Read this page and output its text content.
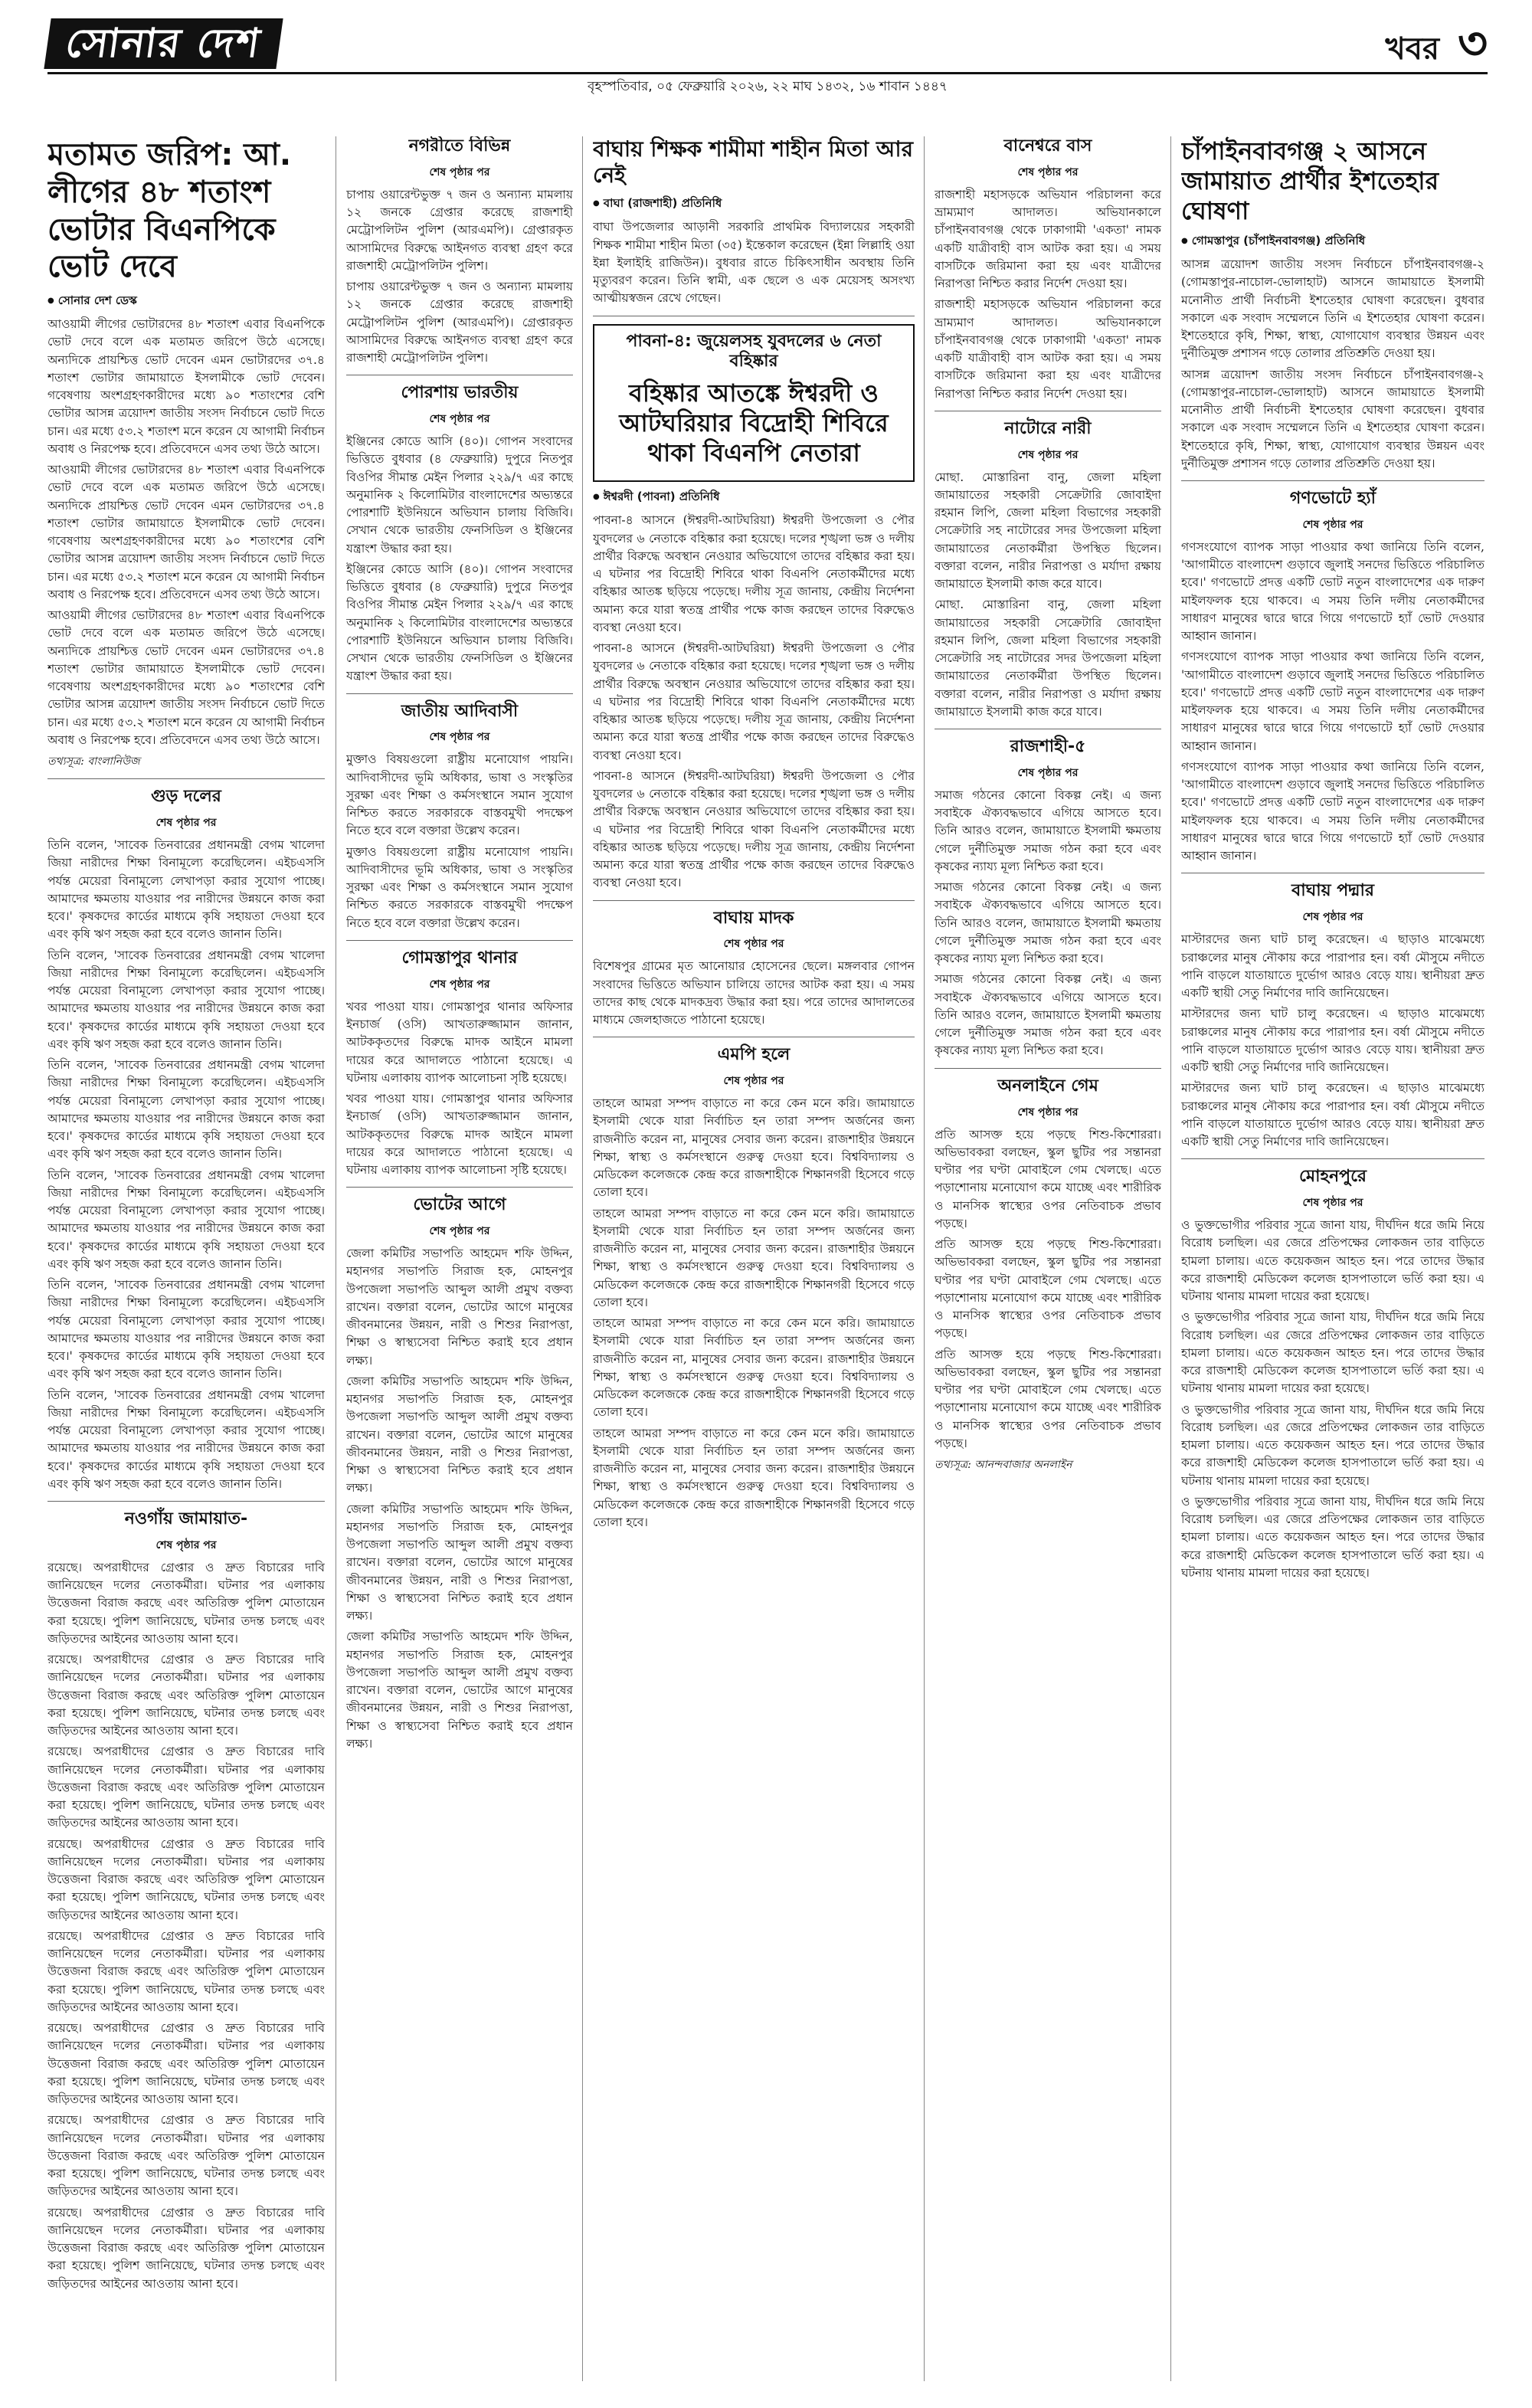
সোনার দেশ	খবর ৩
বৃহস্পতিবার, ০৫ ফেব্রুয়ারি ২০২৬, ২২ মাঘ ১৪৩২, ১৬ শাবান ১৪৪৭
মতামত জরিপ: আ. লীগের ৪৮ শতাংশ ভোটার বিএনপিকে ভোট দেবে
● সোনার দেশ ডেস্ক

আওয়ামী লীগের ভোটারদের ৪৮ শতাংশ এবার বিএনপিকে ভোট দেবে বলে এক মতামত জরিপে উঠে এসেছে। অন্যদিকে প্রায়শ্চিত্ত ভোট দেবেন এমন ভোটারদের ৩৭.৪ শতাংশ ভোটার জামায়াতে ইসলামীকে ভোট দেবেন। গবেষণায় অংশগ্রহণকারীদের মধ্যে ৯০ শতাংশের বেশি ভোটার আসন্ন ত্রয়োদশ জাতীয় সংসদ নির্বাচনে ভোট দিতে চান। এর মধ্যে ৫৩.২ শতাংশ মনে করেন যে আগামী নির্বাচন অবাধ ও নিরপেক্ষ হবে। প্রতিবেদনে এসব তথ্য উঠে আসে।

আওয়ামী লীগের ভোটারদের ৪৮ শতাংশ এবার বিএনপিকে ভোট দেবে বলে এক মতামত জরিপে উঠে এসেছে। অন্যদিকে প্রায়শ্চিত্ত ভোট দেবেন এমন ভোটারদের ৩৭.৪ শতাংশ ভোটার জামায়াতে ইসলামীকে ভোট দেবেন। গবেষণায় অংশগ্রহণকারীদের মধ্যে ৯০ শতাংশের বেশি ভোটার আসন্ন ত্রয়োদশ জাতীয় সংসদ নির্বাচনে ভোট দিতে চান। এর মধ্যে ৫৩.২ শতাংশ মনে করেন যে আগামী নির্বাচন অবাধ ও নিরপেক্ষ হবে। প্রতিবেদনে এসব তথ্য উঠে আসে।

আওয়ামী লীগের ভোটারদের ৪৮ শতাংশ এবার বিএনপিকে ভোট দেবে বলে এক মতামত জরিপে উঠে এসেছে। অন্যদিকে প্রায়শ্চিত্ত ভোট দেবেন এমন ভোটারদের ৩৭.৪ শতাংশ ভোটার জামায়াতে ইসলামীকে ভোট দেবেন। গবেষণায় অংশগ্রহণকারীদের মধ্যে ৯০ শতাংশের বেশি ভোটার আসন্ন ত্রয়োদশ জাতীয় সংসদ নির্বাচনে ভোট দিতে চান। এর মধ্যে ৫৩.২ শতাংশ মনে করেন যে আগামী নির্বাচন অবাধ ও নিরপেক্ষ হবে। প্রতিবেদনে এসব তথ্য উঠে আসে।

তথ্যসূত্র: বাংলানিউজ
গুড় দলের
শেষ পৃষ্ঠার পর

তিনি বলেন, 'সাবেক তিনবারের প্রধানমন্ত্রী বেগম খালেদা জিয়া নারীদের শিক্ষা বিনামূল্যে করেছিলেন। এইচএসসি পর্যন্ত মেয়েরা বিনামূল্যে লেখাপড়া করার সুযোগ পাচ্ছে। আমাদের ক্ষমতায় যাওয়ার পর নারীদের উন্নয়নে কাজ করা হবে।' কৃষকদের কার্ডের মাধ্যমে কৃষি সহায়তা দেওয়া হবে এবং কৃষি ঋণ সহজ করা হবে বলেও জানান তিনি।

তিনি বলেন, 'সাবেক তিনবারের প্রধানমন্ত্রী বেগম খালেদা জিয়া নারীদের শিক্ষা বিনামূল্যে করেছিলেন। এইচএসসি পর্যন্ত মেয়েরা বিনামূল্যে লেখাপড়া করার সুযোগ পাচ্ছে। আমাদের ক্ষমতায় যাওয়ার পর নারীদের উন্নয়নে কাজ করা হবে।' কৃষকদের কার্ডের মাধ্যমে কৃষি সহায়তা দেওয়া হবে এবং কৃষি ঋণ সহজ করা হবে বলেও জানান তিনি।

তিনি বলেন, 'সাবেক তিনবারের প্রধানমন্ত্রী বেগম খালেদা জিয়া নারীদের শিক্ষা বিনামূল্যে করেছিলেন। এইচএসসি পর্যন্ত মেয়েরা বিনামূল্যে লেখাপড়া করার সুযোগ পাচ্ছে। আমাদের ক্ষমতায় যাওয়ার পর নারীদের উন্নয়নে কাজ করা হবে।' কৃষকদের কার্ডের মাধ্যমে কৃষি সহায়তা দেওয়া হবে এবং কৃষি ঋণ সহজ করা হবে বলেও জানান তিনি।

তিনি বলেন, 'সাবেক তিনবারের প্রধানমন্ত্রী বেগম খালেদা জিয়া নারীদের শিক্ষা বিনামূল্যে করেছিলেন। এইচএসসি পর্যন্ত মেয়েরা বিনামূল্যে লেখাপড়া করার সুযোগ পাচ্ছে। আমাদের ক্ষমতায় যাওয়ার পর নারীদের উন্নয়নে কাজ করা হবে।' কৃষকদের কার্ডের মাধ্যমে কৃষি সহায়তা দেওয়া হবে এবং কৃষি ঋণ সহজ করা হবে বলেও জানান তিনি।

তিনি বলেন, 'সাবেক তিনবারের প্রধানমন্ত্রী বেগম খালেদা জিয়া নারীদের শিক্ষা বিনামূল্যে করেছিলেন। এইচএসসি পর্যন্ত মেয়েরা বিনামূল্যে লেখাপড়া করার সুযোগ পাচ্ছে। আমাদের ক্ষমতায় যাওয়ার পর নারীদের উন্নয়নে কাজ করা হবে।' কৃষকদের কার্ডের মাধ্যমে কৃষি সহায়তা দেওয়া হবে এবং কৃষি ঋণ সহজ করা হবে বলেও জানান তিনি।

তিনি বলেন, 'সাবেক তিনবারের প্রধানমন্ত্রী বেগম খালেদা জিয়া নারীদের শিক্ষা বিনামূল্যে করেছিলেন। এইচএসসি পর্যন্ত মেয়েরা বিনামূল্যে লেখাপড়া করার সুযোগ পাচ্ছে। আমাদের ক্ষমতায় যাওয়ার পর নারীদের উন্নয়নে কাজ করা হবে।' কৃষকদের কার্ডের মাধ্যমে কৃষি সহায়তা দেওয়া হবে এবং কৃষি ঋণ সহজ করা হবে বলেও জানান তিনি।

নওগাঁয় জামায়াত-
শেষ পৃষ্ঠার পর

রয়েছে। অপরাধীদের গ্রেপ্তার ও দ্রুত বিচারের দাবি জানিয়েছেন দলের নেতাকর্মীরা। ঘটনার পর এলাকায় উত্তেজনা বিরাজ করছে এবং অতিরিক্ত পুলিশ মোতায়েন করা হয়েছে। পুলিশ জানিয়েছে, ঘটনার তদন্ত চলছে এবং জড়িতদের আইনের আওতায় আনা হবে।

রয়েছে। অপরাধীদের গ্রেপ্তার ও দ্রুত বিচারের দাবি জানিয়েছেন দলের নেতাকর্মীরা। ঘটনার পর এলাকায় উত্তেজনা বিরাজ করছে এবং অতিরিক্ত পুলিশ মোতায়েন করা হয়েছে। পুলিশ জানিয়েছে, ঘটনার তদন্ত চলছে এবং জড়িতদের আইনের আওতায় আনা হবে।

রয়েছে। অপরাধীদের গ্রেপ্তার ও দ্রুত বিচারের দাবি জানিয়েছেন দলের নেতাকর্মীরা। ঘটনার পর এলাকায় উত্তেজনা বিরাজ করছে এবং অতিরিক্ত পুলিশ মোতায়েন করা হয়েছে। পুলিশ জানিয়েছে, ঘটনার তদন্ত চলছে এবং জড়িতদের আইনের আওতায় আনা হবে।

রয়েছে। অপরাধীদের গ্রেপ্তার ও দ্রুত বিচারের দাবি জানিয়েছেন দলের নেতাকর্মীরা। ঘটনার পর এলাকায় উত্তেজনা বিরাজ করছে এবং অতিরিক্ত পুলিশ মোতায়েন করা হয়েছে। পুলিশ জানিয়েছে, ঘটনার তদন্ত চলছে এবং জড়িতদের আইনের আওতায় আনা হবে।

রয়েছে। অপরাধীদের গ্রেপ্তার ও দ্রুত বিচারের দাবি জানিয়েছেন দলের নেতাকর্মীরা। ঘটনার পর এলাকায় উত্তেজনা বিরাজ করছে এবং অতিরিক্ত পুলিশ মোতায়েন করা হয়েছে। পুলিশ জানিয়েছে, ঘটনার তদন্ত চলছে এবং জড়িতদের আইনের আওতায় আনা হবে।

রয়েছে। অপরাধীদের গ্রেপ্তার ও দ্রুত বিচারের দাবি জানিয়েছেন দলের নেতাকর্মীরা। ঘটনার পর এলাকায় উত্তেজনা বিরাজ করছে এবং অতিরিক্ত পুলিশ মোতায়েন করা হয়েছে। পুলিশ জানিয়েছে, ঘটনার তদন্ত চলছে এবং জড়িতদের আইনের আওতায় আনা হবে।

রয়েছে। অপরাধীদের গ্রেপ্তার ও দ্রুত বিচারের দাবি জানিয়েছেন দলের নেতাকর্মীরা। ঘটনার পর এলাকায় উত্তেজনা বিরাজ করছে এবং অতিরিক্ত পুলিশ মোতায়েন করা হয়েছে। পুলিশ জানিয়েছে, ঘটনার তদন্ত চলছে এবং জড়িতদের আইনের আওতায় আনা হবে।

রয়েছে। অপরাধীদের গ্রেপ্তার ও দ্রুত বিচারের দাবি জানিয়েছেন দলের নেতাকর্মীরা। ঘটনার পর এলাকায় উত্তেজনা বিরাজ করছে এবং অতিরিক্ত পুলিশ মোতায়েন করা হয়েছে। পুলিশ জানিয়েছে, ঘটনার তদন্ত চলছে এবং জড়িতদের আইনের আওতায় আনা হবে।

নগরীতে বিভিন্ন
শেষ পৃষ্ঠার পর

চাপায় ওয়ারেন্টভুক্ত ৭ জন ও অন্যান্য মামলায় ১২ জনকে গ্রেপ্তার করেছে রাজশাহী মেট্রোপলিটন পুলিশ (আরএমপি)। গ্রেপ্তারকৃত আসামিদের বিরুদ্ধে আইনগত ব্যবস্থা গ্রহণ করে রাজশাহী মেট্রোপলিটন পুলিশ।

চাপায় ওয়ারেন্টভুক্ত ৭ জন ও অন্যান্য মামলায় ১২ জনকে গ্রেপ্তার করেছে রাজশাহী মেট্রোপলিটন পুলিশ (আরএমপি)। গ্রেপ্তারকৃত আসামিদের বিরুদ্ধে আইনগত ব্যবস্থা গ্রহণ করে রাজশাহী মেট্রোপলিটন পুলিশ।

পোরশায় ভারতীয়
শেষ পৃষ্ঠার পর

ইঞ্জিনের কোডে আসি (৪০)। গোপন সংবাদের ভিত্তিতে বুধবার (৪ ফেব্রুয়ারি) দুপুরে নিতপুর বিওপির সীমান্ত মেইন পিলার ২২৯/৭ এর কাছে অনুমানিক ২ কিলোমিটার বাংলাদেশের অভ্যন্তরে পোরশাটি ইউনিয়নে অভিযান চালায় বিজিবি। সেখান থেকে ভারতীয় ফেনসিডিল ও ইঞ্জিনের যন্ত্রাংশ উদ্ধার করা হয়।

ইঞ্জিনের কোডে আসি (৪০)। গোপন সংবাদের ভিত্তিতে বুধবার (৪ ফেব্রুয়ারি) দুপুরে নিতপুর বিওপির সীমান্ত মেইন পিলার ২২৯/৭ এর কাছে অনুমানিক ২ কিলোমিটার বাংলাদেশের অভ্যন্তরে পোরশাটি ইউনিয়নে অভিযান চালায় বিজিবি। সেখান থেকে ভারতীয় ফেনসিডিল ও ইঞ্জিনের যন্ত্রাংশ উদ্ধার করা হয়।

জাতীয় আদিবাসী
শেষ পৃষ্ঠার পর

মুক্তাও বিষয়গুলো রাষ্ট্রীয় মনোযোগ পায়নি। আদিবাসীদের ভূমি অধিকার, ভাষা ও সংস্কৃতির সুরক্ষা এবং শিক্ষা ও কর্মসংস্থানে সমান সুযোগ নিশ্চিত করতে সরকারকে বাস্তবমুখী পদক্ষেপ নিতে হবে বলে বক্তারা উল্লেখ করেন।

মুক্তাও বিষয়গুলো রাষ্ট্রীয় মনোযোগ পায়নি। আদিবাসীদের ভূমি অধিকার, ভাষা ও সংস্কৃতির সুরক্ষা এবং শিক্ষা ও কর্মসংস্থানে সমান সুযোগ নিশ্চিত করতে সরকারকে বাস্তবমুখী পদক্ষেপ নিতে হবে বলে বক্তারা উল্লেখ করেন।

গোমস্তাপুর থানার
শেষ পৃষ্ঠার পর

খবর পাওয়া যায়। গোমস্তাপুর থানার অফিসার ইনচার্জ (ওসি) আখতারুজ্জামান জানান, আটককৃতদের বিরুদ্ধে মাদক আইনে মামলা দায়ের করে আদালতে পাঠানো হয়েছে। এ ঘটনায় এলাকায় ব্যাপক আলোচনা সৃষ্টি হয়েছে।

খবর পাওয়া যায়। গোমস্তাপুর থানার অফিসার ইনচার্জ (ওসি) আখতারুজ্জামান জানান, আটককৃতদের বিরুদ্ধে মাদক আইনে মামলা দায়ের করে আদালতে পাঠানো হয়েছে। এ ঘটনায় এলাকায় ব্যাপক আলোচনা সৃষ্টি হয়েছে।

ভোটের আগে
শেষ পৃষ্ঠার পর

জেলা কমিটির সভাপতি আহমেদ শফি উদ্দিন, মহানগর সভাপতি সিরাজ হক, মোহনপুর উপজেলা সভাপতি আব্দুল আলী প্রমুখ বক্তব্য রাখেন। বক্তারা বলেন, ভোটের আগে মানুষের জীবনমানের উন্নয়ন, নারী ও শিশুর নিরাপত্তা, শিক্ষা ও স্বাস্থ্যসেবা নিশ্চিত করাই হবে প্রধান লক্ষ্য।

জেলা কমিটির সভাপতি আহমেদ শফি উদ্দিন, মহানগর সভাপতি সিরাজ হক, মোহনপুর উপজেলা সভাপতি আব্দুল আলী প্রমুখ বক্তব্য রাখেন। বক্তারা বলেন, ভোটের আগে মানুষের জীবনমানের উন্নয়ন, নারী ও শিশুর নিরাপত্তা, শিক্ষা ও স্বাস্থ্যসেবা নিশ্চিত করাই হবে প্রধান লক্ষ্য।

জেলা কমিটির সভাপতি আহমেদ শফি উদ্দিন, মহানগর সভাপতি সিরাজ হক, মোহনপুর উপজেলা সভাপতি আব্দুল আলী প্রমুখ বক্তব্য রাখেন। বক্তারা বলেন, ভোটের আগে মানুষের জীবনমানের উন্নয়ন, নারী ও শিশুর নিরাপত্তা, শিক্ষা ও স্বাস্থ্যসেবা নিশ্চিত করাই হবে প্রধান লক্ষ্য।

জেলা কমিটির সভাপতি আহমেদ শফি উদ্দিন, মহানগর সভাপতি সিরাজ হক, মোহনপুর উপজেলা সভাপতি আব্দুল আলী প্রমুখ বক্তব্য রাখেন। বক্তারা বলেন, ভোটের আগে মানুষের জীবনমানের উন্নয়ন, নারী ও শিশুর নিরাপত্তা, শিক্ষা ও স্বাস্থ্যসেবা নিশ্চিত করাই হবে প্রধান লক্ষ্য।

বাঘায় শিক্ষক শামীমা শাহীন মিতা আর নেই
● বাঘা (রাজশাহী) প্রতিনিধি

বাঘা উপজেলার আড়ানী সরকারি প্রাথমিক বিদ্যালয়ের সহকারী শিক্ষক শামীমা শাহীন মিতা (৩৫) ইন্তেকাল করেছেন (ইন্না লিল্লাহি ওয়া ইন্না ইলাইহি রাজিউন)। বুধবার রাতে চিকিৎসাধীন অবস্থায় তিনি মৃত্যুবরণ করেন। তিনি স্বামী, এক ছেলে ও এক মেয়েসহ অসংখ্য আত্মীয়স্বজন রেখে গেছেন।

পাবনা-৪: জুয়েলসহ যুবদলের ৬ নেতা বহিষ্কার
বহিষ্কার আতঙ্কে ঈশ্বরদী ও আটঘরিয়ার বিদ্রোহী শিবিরে থাকা বিএনপি নেতারা
● ঈশ্বরদী (পাবনা) প্রতিনিধি

পাবনা-৪ আসনে (ঈশ্বরদী-আটঘরিয়া) ঈশ্বরদী উপজেলা ও পৌর যুবদলের ৬ নেতাকে বহিষ্কার করা হয়েছে। দলের শৃঙ্খলা ভঙ্গ ও দলীয় প্রার্থীর বিরুদ্ধে অবস্থান নেওয়ার অভিযোগে তাদের বহিষ্কার করা হয়। এ ঘটনার পর বিদ্রোহী শিবিরে থাকা বিএনপি নেতাকর্মীদের মধ্যে বহিষ্কার আতঙ্ক ছড়িয়ে পড়েছে। দলীয় সূত্র জানায়, কেন্দ্রীয় নির্দেশনা অমান্য করে যারা স্বতন্ত্র প্রার্থীর পক্ষে কাজ করছেন তাদের বিরুদ্ধেও ব্যবস্থা নেওয়া হবে।

পাবনা-৪ আসনে (ঈশ্বরদী-আটঘরিয়া) ঈশ্বরদী উপজেলা ও পৌর যুবদলের ৬ নেতাকে বহিষ্কার করা হয়েছে। দলের শৃঙ্খলা ভঙ্গ ও দলীয় প্রার্থীর বিরুদ্ধে অবস্থান নেওয়ার অভিযোগে তাদের বহিষ্কার করা হয়। এ ঘটনার পর বিদ্রোহী শিবিরে থাকা বিএনপি নেতাকর্মীদের মধ্যে বহিষ্কার আতঙ্ক ছড়িয়ে পড়েছে। দলীয় সূত্র জানায়, কেন্দ্রীয় নির্দেশনা অমান্য করে যারা স্বতন্ত্র প্রার্থীর পক্ষে কাজ করছেন তাদের বিরুদ্ধেও ব্যবস্থা নেওয়া হবে।

পাবনা-৪ আসনে (ঈশ্বরদী-আটঘরিয়া) ঈশ্বরদী উপজেলা ও পৌর যুবদলের ৬ নেতাকে বহিষ্কার করা হয়েছে। দলের শৃঙ্খলা ভঙ্গ ও দলীয় প্রার্থীর বিরুদ্ধে অবস্থান নেওয়ার অভিযোগে তাদের বহিষ্কার করা হয়। এ ঘটনার পর বিদ্রোহী শিবিরে থাকা বিএনপি নেতাকর্মীদের মধ্যে বহিষ্কার আতঙ্ক ছড়িয়ে পড়েছে। দলীয় সূত্র জানায়, কেন্দ্রীয় নির্দেশনা অমান্য করে যারা স্বতন্ত্র প্রার্থীর পক্ষে কাজ করছেন তাদের বিরুদ্ধেও ব্যবস্থা নেওয়া হবে।

বাঘায় মাদক
শেষ পৃষ্ঠার পর

বিশেষপুর গ্রামের মৃত আনোয়ার হোসেনের ছেলে। মঙ্গলবার গোপন সংবাদের ভিত্তিতে অভিযান চালিয়ে তাদের আটক করা হয়। এ সময় তাদের কাছ থেকে মাদকদ্রব্য উদ্ধার করা হয়। পরে তাদের আদালতের মাধ্যমে জেলহাজতে পাঠানো হয়েছে।

এমপি হলে
শেষ পৃষ্ঠার পর

তাহলে আমরা সম্পদ বাড়াতে না করে কেন মনে করি। জামায়াতে ইসলামী থেকে যারা নির্বাচিত হন তারা সম্পদ অর্জনের জন্য রাজনীতি করেন না, মানুষের সেবার জন্য করেন। রাজশাহীর উন্নয়নে শিক্ষা, স্বাস্থ্য ও কর্মসংস্থানে গুরুত্ব দেওয়া হবে। বিশ্ববিদ্যালয় ও মেডিকেল কলেজকে কেন্দ্র করে রাজশাহীকে শিক্ষানগরী হিসেবে গড়ে তোলা হবে।

তাহলে আমরা সম্পদ বাড়াতে না করে কেন মনে করি। জামায়াতে ইসলামী থেকে যারা নির্বাচিত হন তারা সম্পদ অর্জনের জন্য রাজনীতি করেন না, মানুষের সেবার জন্য করেন। রাজশাহীর উন্নয়নে শিক্ষা, স্বাস্থ্য ও কর্মসংস্থানে গুরুত্ব দেওয়া হবে। বিশ্ববিদ্যালয় ও মেডিকেল কলেজকে কেন্দ্র করে রাজশাহীকে শিক্ষানগরী হিসেবে গড়ে তোলা হবে।

তাহলে আমরা সম্পদ বাড়াতে না করে কেন মনে করি। জামায়াতে ইসলামী থেকে যারা নির্বাচিত হন তারা সম্পদ অর্জনের জন্য রাজনীতি করেন না, মানুষের সেবার জন্য করেন। রাজশাহীর উন্নয়নে শিক্ষা, স্বাস্থ্য ও কর্মসংস্থানে গুরুত্ব দেওয়া হবে। বিশ্ববিদ্যালয় ও মেডিকেল কলেজকে কেন্দ্র করে রাজশাহীকে শিক্ষানগরী হিসেবে গড়ে তোলা হবে।

তাহলে আমরা সম্পদ বাড়াতে না করে কেন মনে করি। জামায়াতে ইসলামী থেকে যারা নির্বাচিত হন তারা সম্পদ অর্জনের জন্য রাজনীতি করেন না, মানুষের সেবার জন্য করেন। রাজশাহীর উন্নয়নে শিক্ষা, স্বাস্থ্য ও কর্মসংস্থানে গুরুত্ব দেওয়া হবে। বিশ্ববিদ্যালয় ও মেডিকেল কলেজকে কেন্দ্র করে রাজশাহীকে শিক্ষানগরী হিসেবে গড়ে তোলা হবে।

বানেশ্বরে বাস
শেষ পৃষ্ঠার পর

রাজশাহী মহাসড়কে অভিযান পরিচালনা করে ভ্রাম্যমাণ আদালত। অভিযানকালে চাঁপাইনবাবগঞ্জ থেকে ঢাকাগামী 'একতা' নামক একটি যাত্রীবাহী বাস আটক করা হয়। এ সময় বাসটিকে জরিমানা করা হয় এবং যাত্রীদের নিরাপত্তা নিশ্চিত করার নির্দেশ দেওয়া হয়।

রাজশাহী মহাসড়কে অভিযান পরিচালনা করে ভ্রাম্যমাণ আদালত। অভিযানকালে চাঁপাইনবাবগঞ্জ থেকে ঢাকাগামী 'একতা' নামক একটি যাত্রীবাহী বাস আটক করা হয়। এ সময় বাসটিকে জরিমানা করা হয় এবং যাত্রীদের নিরাপত্তা নিশ্চিত করার নির্দেশ দেওয়া হয়।

নাটোরে নারী
শেষ পৃষ্ঠার পর

মোছা. মোস্তারিনা বানু, জেলা মহিলা জামায়াতের সহকারী সেক্রেটারি জোবাইদা রহমান লিপি, জেলা মহিলা বিভাগের সহকারী সেক্রেটারি সহ নাটোরের সদর উপজেলা মহিলা জামায়াতের নেতাকর্মীরা উপস্থিত ছিলেন। বক্তারা বলেন, নারীর নিরাপত্তা ও মর্যাদা রক্ষায় জামায়াতে ইসলামী কাজ করে যাবে।

মোছা. মোস্তারিনা বানু, জেলা মহিলা জামায়াতের সহকারী সেক্রেটারি জোবাইদা রহমান লিপি, জেলা মহিলা বিভাগের সহকারী সেক্রেটারি সহ নাটোরের সদর উপজেলা মহিলা জামায়াতের নেতাকর্মীরা উপস্থিত ছিলেন। বক্তারা বলেন, নারীর নিরাপত্তা ও মর্যাদা রক্ষায় জামায়াতে ইসলামী কাজ করে যাবে।

রাজশাহী-৫
শেষ পৃষ্ঠার পর

সমাজ গঠনের কোনো বিকল্প নেই। এ জন্য সবাইকে ঐক্যবদ্ধভাবে এগিয়ে আসতে হবে। তিনি আরও বলেন, জামায়াতে ইসলামী ক্ষমতায় গেলে দুর্নীতিমুক্ত সমাজ গঠন করা হবে এবং কৃষকের ন্যায্য মূল্য নিশ্চিত করা হবে।

সমাজ গঠনের কোনো বিকল্প নেই। এ জন্য সবাইকে ঐক্যবদ্ধভাবে এগিয়ে আসতে হবে। তিনি আরও বলেন, জামায়াতে ইসলামী ক্ষমতায় গেলে দুর্নীতিমুক্ত সমাজ গঠন করা হবে এবং কৃষকের ন্যায্য মূল্য নিশ্চিত করা হবে।

সমাজ গঠনের কোনো বিকল্প নেই। এ জন্য সবাইকে ঐক্যবদ্ধভাবে এগিয়ে আসতে হবে। তিনি আরও বলেন, জামায়াতে ইসলামী ক্ষমতায় গেলে দুর্নীতিমুক্ত সমাজ গঠন করা হবে এবং কৃষকের ন্যায্য মূল্য নিশ্চিত করা হবে।

অনলাইনে গেম
শেষ পৃষ্ঠার পর

প্রতি আসক্ত হয়ে পড়ছে শিশু-কিশোররা। অভিভাবকরা বলছেন, স্কুল ছুটির পর সন্তানরা ঘণ্টার পর ঘণ্টা মোবাইলে গেম খেলছে। এতে পড়াশোনায় মনোযোগ কমে যাচ্ছে এবং শারীরিক ও মানসিক স্বাস্থ্যের ওপর নেতিবাচক প্রভাব পড়ছে।

প্রতি আসক্ত হয়ে পড়ছে শিশু-কিশোররা। অভিভাবকরা বলছেন, স্কুল ছুটির পর সন্তানরা ঘণ্টার পর ঘণ্টা মোবাইলে গেম খেলছে। এতে পড়াশোনায় মনোযোগ কমে যাচ্ছে এবং শারীরিক ও মানসিক স্বাস্থ্যের ওপর নেতিবাচক প্রভাব পড়ছে।

প্রতি আসক্ত হয়ে পড়ছে শিশু-কিশোররা। অভিভাবকরা বলছেন, স্কুল ছুটির পর সন্তানরা ঘণ্টার পর ঘণ্টা মোবাইলে গেম খেলছে। এতে পড়াশোনায় মনোযোগ কমে যাচ্ছে এবং শারীরিক ও মানসিক স্বাস্থ্যের ওপর নেতিবাচক প্রভাব পড়ছে।

তথ্যসূত্র: আনন্দবাজার অনলাইন
চাঁপাইনবাবগঞ্জ ২ আসনে জামায়াত প্রার্থীর ইশতেহার ঘোষণা
● গোমস্তাপুর (চাঁপাইনবাবগঞ্জ) প্রতিনিধি

আসন্ন ত্রয়োদশ জাতীয় সংসদ নির্বাচনে চাঁপাইনবাবগঞ্জ-২ (গোমস্তাপুর-নাচোল-ভোলাহাট) আসনে জামায়াতে ইসলামী মনোনীত প্রার্থী নির্বাচনী ইশতেহার ঘোষণা করেছেন। বুধবার সকালে এক সংবাদ সম্মেলনে তিনি এ ইশতেহার ঘোষণা করেন। ইশতেহারে কৃষি, শিক্ষা, স্বাস্থ্য, যোগাযোগ ব্যবস্থার উন্নয়ন এবং দুর্নীতিমুক্ত প্রশাসন গড়ে তোলার প্রতিশ্রুতি দেওয়া হয়।

আসন্ন ত্রয়োদশ জাতীয় সংসদ নির্বাচনে চাঁপাইনবাবগঞ্জ-২ (গোমস্তাপুর-নাচোল-ভোলাহাট) আসনে জামায়াতে ইসলামী মনোনীত প্রার্থী নির্বাচনী ইশতেহার ঘোষণা করেছেন। বুধবার সকালে এক সংবাদ সম্মেলনে তিনি এ ইশতেহার ঘোষণা করেন। ইশতেহারে কৃষি, শিক্ষা, স্বাস্থ্য, যোগাযোগ ব্যবস্থার উন্নয়ন এবং দুর্নীতিমুক্ত প্রশাসন গড়ে তোলার প্রতিশ্রুতি দেওয়া হয়।

গণভোটে হ্যাঁ
শেষ পৃষ্ঠার পর

গণসংযোগে ব্যাপক সাড়া পাওয়ার কথা জানিয়ে তিনি বলেন, 'আগামীতে বাংলাদেশ গুড়াবে জুলাই সনদের ভিত্তিতে পরিচালিত হবে।' গণভোটে প্রদত্ত একটি ভোট নতুন বাংলাদেশের এক দারুণ মাইলফলক হয়ে থাকবে। এ সময় তিনি দলীয় নেতাকর্মীদের সাধারণ মানুষের দ্বারে দ্বারে গিয়ে গণভোটে হ্যাঁ ভোট দেওয়ার আহ্বান জানান।

গণসংযোগে ব্যাপক সাড়া পাওয়ার কথা জানিয়ে তিনি বলেন, 'আগামীতে বাংলাদেশ গুড়াবে জুলাই সনদের ভিত্তিতে পরিচালিত হবে।' গণভোটে প্রদত্ত একটি ভোট নতুন বাংলাদেশের এক দারুণ মাইলফলক হয়ে থাকবে। এ সময় তিনি দলীয় নেতাকর্মীদের সাধারণ মানুষের দ্বারে দ্বারে গিয়ে গণভোটে হ্যাঁ ভোট দেওয়ার আহ্বান জানান।

গণসংযোগে ব্যাপক সাড়া পাওয়ার কথা জানিয়ে তিনি বলেন, 'আগামীতে বাংলাদেশ গুড়াবে জুলাই সনদের ভিত্তিতে পরিচালিত হবে।' গণভোটে প্রদত্ত একটি ভোট নতুন বাংলাদেশের এক দারুণ মাইলফলক হয়ে থাকবে। এ সময় তিনি দলীয় নেতাকর্মীদের সাধারণ মানুষের দ্বারে দ্বারে গিয়ে গণভোটে হ্যাঁ ভোট দেওয়ার আহ্বান জানান।

বাঘায় পদ্মার
শেষ পৃষ্ঠার পর

মাস্টারদের জন্য ঘাট চালু করেছেন। এ ছাড়াও মাঝেমধ্যে চরাঞ্চলের মানুষ নৌকায় করে পারাপার হন। বর্ষা মৌসুমে নদীতে পানি বাড়লে যাতায়াতে দুর্ভোগ আরও বেড়ে যায়। স্থানীয়রা দ্রুত একটি স্থায়ী সেতু নির্মাণের দাবি জানিয়েছেন।

মাস্টারদের জন্য ঘাট চালু করেছেন। এ ছাড়াও মাঝেমধ্যে চরাঞ্চলের মানুষ নৌকায় করে পারাপার হন। বর্ষা মৌসুমে নদীতে পানি বাড়লে যাতায়াতে দুর্ভোগ আরও বেড়ে যায়। স্থানীয়রা দ্রুত একটি স্থায়ী সেতু নির্মাণের দাবি জানিয়েছেন।

মাস্টারদের জন্য ঘাট চালু করেছেন। এ ছাড়াও মাঝেমধ্যে চরাঞ্চলের মানুষ নৌকায় করে পারাপার হন। বর্ষা মৌসুমে নদীতে পানি বাড়লে যাতায়াতে দুর্ভোগ আরও বেড়ে যায়। স্থানীয়রা দ্রুত একটি স্থায়ী সেতু নির্মাণের দাবি জানিয়েছেন।

মোহনপুরে
শেষ পৃষ্ঠার পর

ও ভুক্তভোগীর পরিবার সূত্রে জানা যায়, দীর্ঘদিন ধরে জমি নিয়ে বিরোধ চলছিল। এর জেরে প্রতিপক্ষের লোকজন তার বাড়িতে হামলা চালায়। এতে কয়েকজন আহত হন। পরে তাদের উদ্ধার করে রাজশাহী মেডিকেল কলেজ হাসপাতালে ভর্তি করা হয়। এ ঘটনায় থানায় মামলা দায়ের করা হয়েছে।

ও ভুক্তভোগীর পরিবার সূত্রে জানা যায়, দীর্ঘদিন ধরে জমি নিয়ে বিরোধ চলছিল। এর জেরে প্রতিপক্ষের লোকজন তার বাড়িতে হামলা চালায়। এতে কয়েকজন আহত হন। পরে তাদের উদ্ধার করে রাজশাহী মেডিকেল কলেজ হাসপাতালে ভর্তি করা হয়। এ ঘটনায় থানায় মামলা দায়ের করা হয়েছে।

ও ভুক্তভোগীর পরিবার সূত্রে জানা যায়, দীর্ঘদিন ধরে জমি নিয়ে বিরোধ চলছিল। এর জেরে প্রতিপক্ষের লোকজন তার বাড়িতে হামলা চালায়। এতে কয়েকজন আহত হন। পরে তাদের উদ্ধার করে রাজশাহী মেডিকেল কলেজ হাসপাতালে ভর্তি করা হয়। এ ঘটনায় থানায় মামলা দায়ের করা হয়েছে।

ও ভুক্তভোগীর পরিবার সূত্রে জানা যায়, দীর্ঘদিন ধরে জমি নিয়ে বিরোধ চলছিল। এর জেরে প্রতিপক্ষের লোকজন তার বাড়িতে হামলা চালায়। এতে কয়েকজন আহত হন। পরে তাদের উদ্ধার করে রাজশাহী মেডিকেল কলেজ হাসপাতালে ভর্তি করা হয়। এ ঘটনায় থানায় মামলা দায়ের করা হয়েছে।
